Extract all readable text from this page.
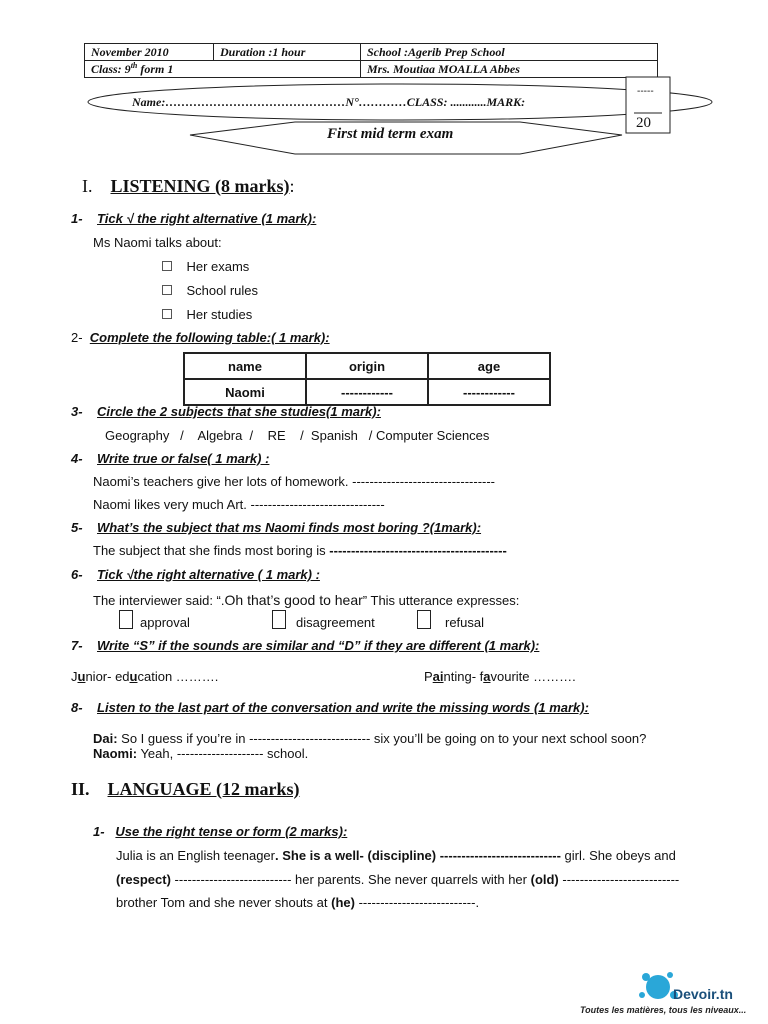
November 2010	Duration :1 hour	School :Agerib Prep School
Class: 9th form 1		Mrs. Moutiaa MOALLA Abbes
Name:………………………………………N°…………CLASS: ............MARK:
-----
20
First mid term exam
I. LISTENING (8 marks):
1- Tick √ the right alternative (1 mark):
Ms Naomi talks about:
Her exams
School rules
Her studies
2- Complete the following table:( 1 mark):
name	origin	age
Naomi	------------	------------
3- Circle the 2 subjects that she studies(1 mark):
Geography   /    Algebra  /    RE    /  Spanish   / Computer Sciences
4- Write true or false( 1 mark) :
Naomi’s teachers give her lots of homework. ---------------------------------
Naomi likes very much Art. -------------------------------
5- What’s the subject that ms Naomi finds most boring ?(1mark):
The subject that she finds most boring is -----------------------------------------
6- Tick √the right alternative ( 1 mark) :
The interviewer said: “.Oh that’s good to hear” This utterance expresses:
approval	disagreement	refusal
7- Write “S” if the sounds are similar and “D” if they are different (1 mark):
Junior- education ……….	Painting- favourite ……….
8- Listen to the last part of the conversation and write the missing words (1 mark):
Dai: So I guess if you’re in ---------------------------- six you’ll be going on to your next school soon?
Naomi: Yeah, -------------------- school.
II. LANGUAGE (12 marks)
1- Use the right tense or form (2 marks):
Julia is an English teenager. She is a well- (discipline) ---------------------------- girl. She obeys and
(respect) --------------------------- her parents. She never quarrels with her (old) ---------------------------
brother Tom and she never shouts at (he) ---------------------------.
Devoir.tn
Toutes les matières, tous les niveaux...
